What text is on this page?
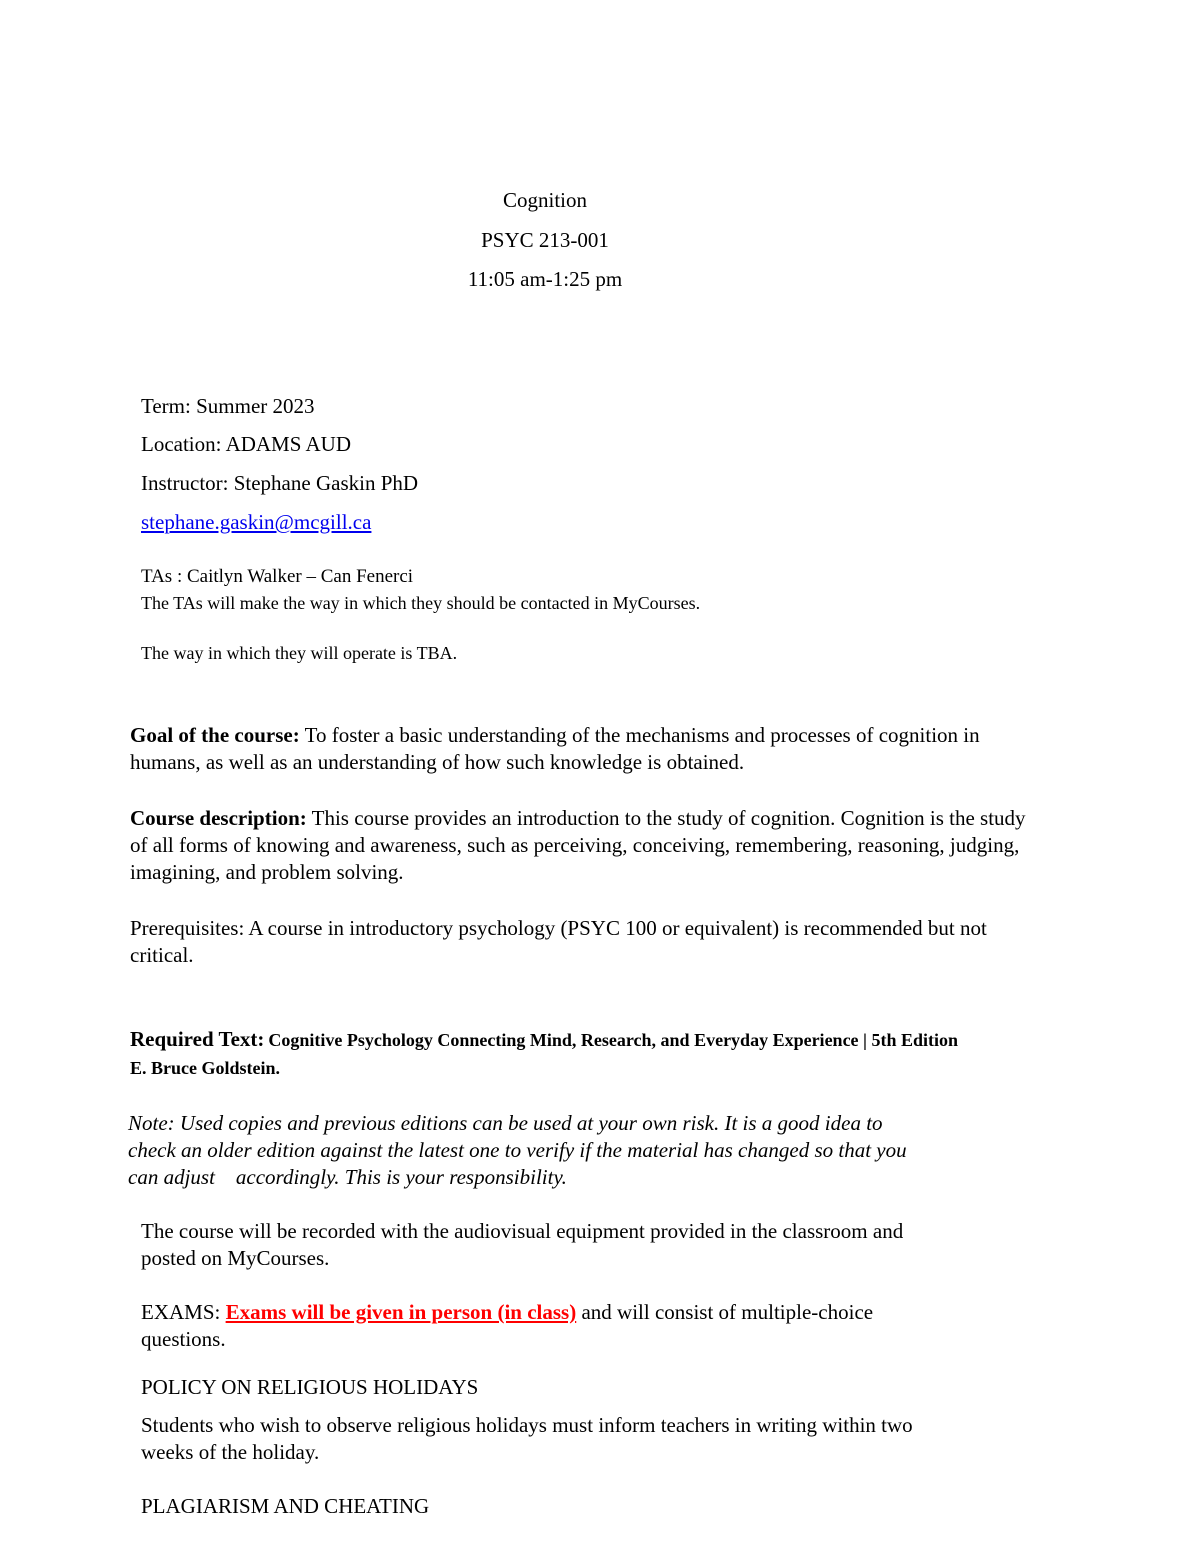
Cognition

PSYC 213-001

11:05 am-1:25 pm

Term: Summer 2023

Location: ADAMS AUD

Instructor: Stephane Gaskin PhD

stephane.gaskin@mcgill.ca

TAs : Caitlyn Walker – Can Fenerci

The TAs will make the way in which they should be contacted in MyCourses.

The way in which they will operate is TBA.

Goal of the course: To foster a basic understanding of the mechanisms and processes of cognition in
humans, as well as an understanding of how such knowledge is obtained.
Course description: This course provides an introduction to the study of cognition. Cognition is the study
of all forms of knowing and awareness, such as perceiving, conceiving, remembering, reasoning, judging,
imagining, and problem solving.
Prerequisites: A course in introductory psychology (PSYC 100 or equivalent) is recommended but not
critical.
Required Text: Cognitive Psychology Connecting Mind, Research, and Everyday Experience | 5th Edition
E. Bruce Goldstein.
Note: Used copies and previous editions can be used at your own risk. It is a good idea to
check an older edition against the latest one to verify if the material has changed so that you
can adjust    accordingly. This is your responsibility.
The course will be recorded with the audiovisual equipment provided in the classroom and
posted on MyCourses.
EXAMS: Exams will be given in person (in class) and will consist of multiple-choice
questions.

POLICY ON RELIGIOUS HOLIDAYS

Students who wish to observe religious holidays must inform teachers in writing within two
weeks of the holiday.

PLAGIARISM AND CHEATING
